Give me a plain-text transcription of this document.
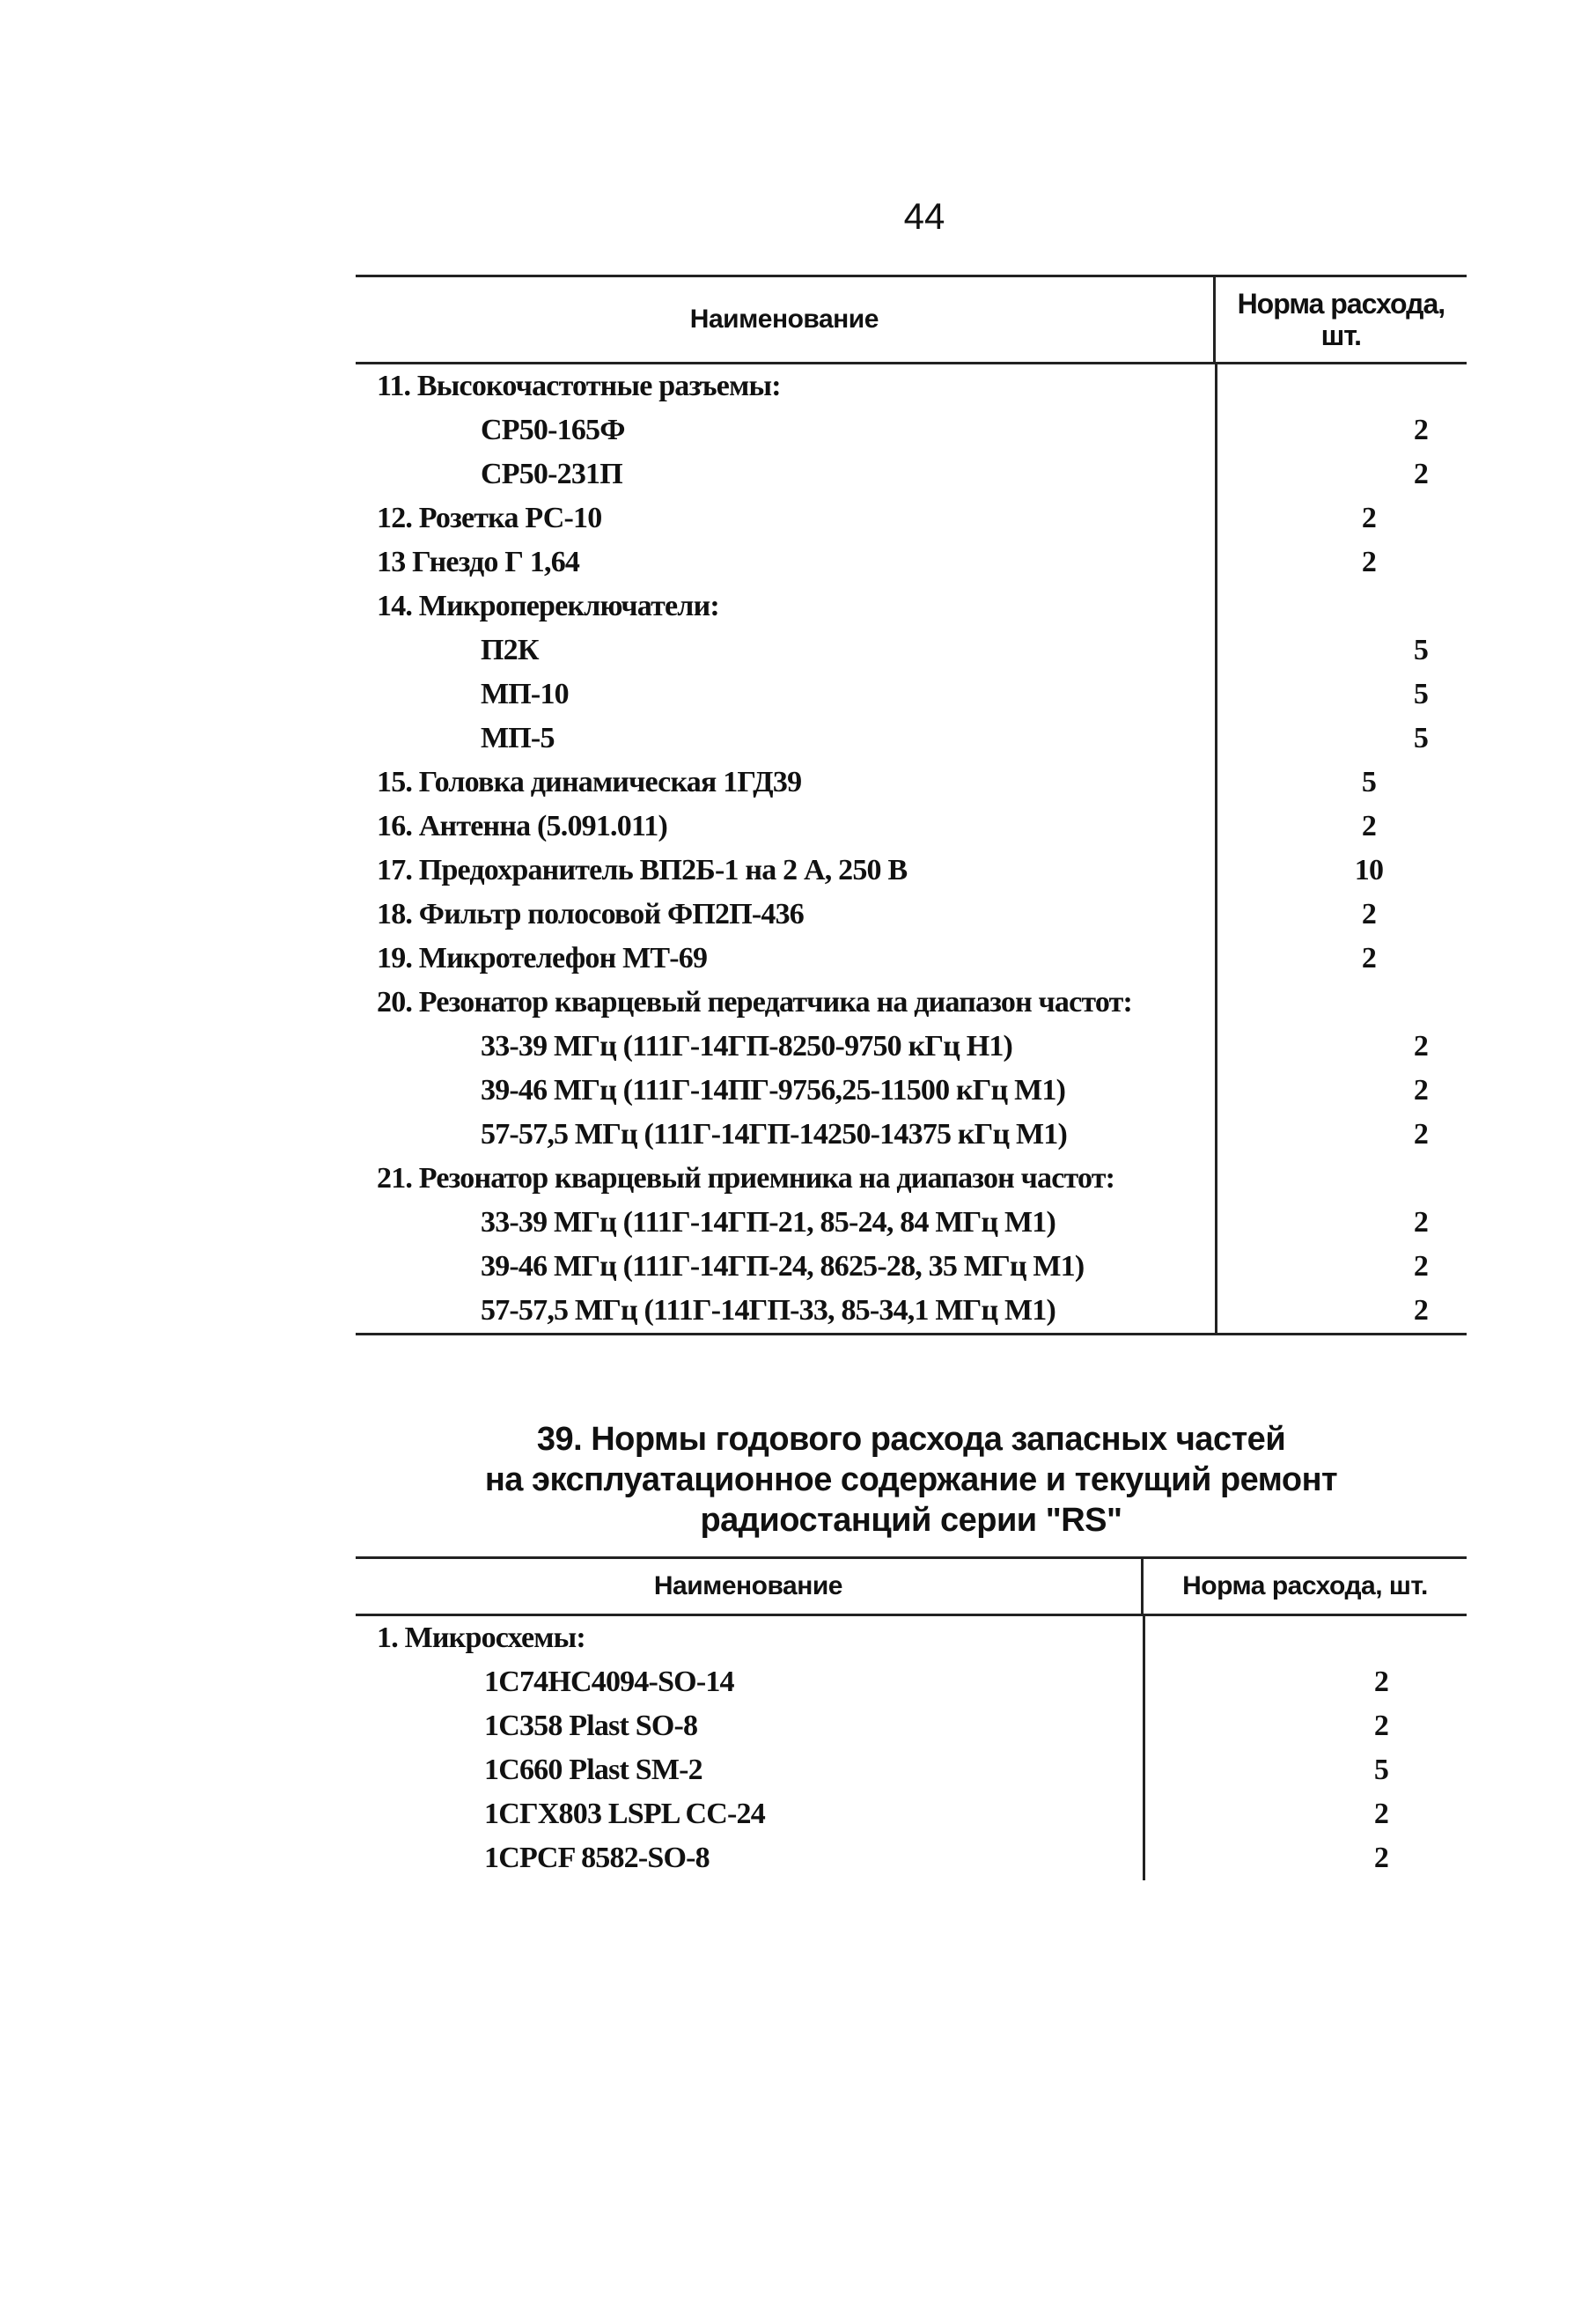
44
Наименование	Норма расхода, шт.
11. Высокочастотные разъемы:
СР50-165Ф	2
СР50-231П	2
12. Розетка РС-10	2
13 Гнездо Г 1,64	2
14. Микропереключатели:
П2К	5
МП-10	5
МП-5	5
15. Головка динамическая 1ГД39	5
16. Антенна (5.091.011)	2
17. Предохранитель ВП2Б-1 на 2 А, 250 В	10
18. Фильтр полосовой ФП2П-436	2
19. Микротелефон МТ-69	2
20. Резонатор кварцевый передатчика на диапазон частот:
33-39 МГц (111Г-14ГП-8250-9750 кГц Н1)	2
39-46 МГц (111Г-14ПГ-9756,25-11500 кГц М1)	2
57-57,5 МГц (111Г-14ГП-14250-14375 кГц М1)	2
21. Резонатор кварцевый приемника на диапазон частот:
33-39 МГц (111Г-14ГП-21, 85-24, 84 МГц М1)	2
39-46 МГц (111Г-14ГП-24, 8625-28, 35 МГц М1)	2
57-57,5 МГц (111Г-14ГП-33, 85-34,1 МГц М1)	2
39. Нормы годового расхода запасных частей
на эксплуатационное содержание и текущий ремонт
радиостанций серии "RS"
Наименование	Норма расхода, шт.
1. Микросхемы:
1С74НС4094-SO-14	2
1С358 Plast SO-8	2
1С660 Plast SM-2	5
1СГХ803 LSPL CC-24	2
1СРCF 8582-SO-8	2
